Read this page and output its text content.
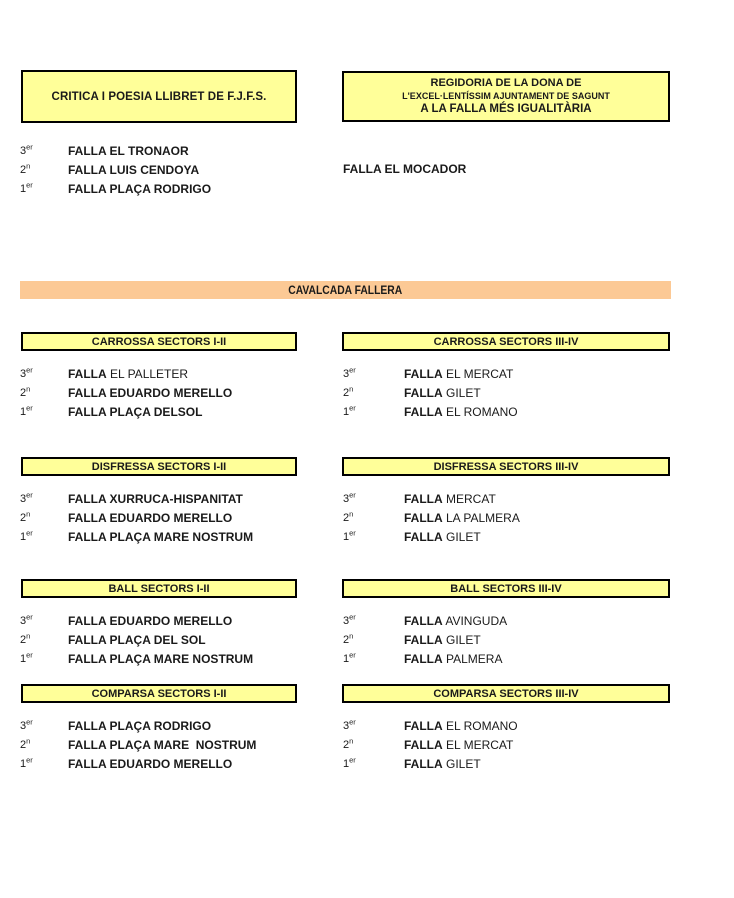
CRITICA I POESIA LLIBRET DE F.J.F.S.
REGIDORIA DE LA DONA DE
L'EXCEL·LENTÍSSIM AJUNTAMENT DE SAGUNT
A LA FALLA MÉS IGUALITÀRIA
3er	FALLA EL TRONAOR
2$^n$	FALLA LUIS CENDOYA
1er	FALLA PLAÇA RODRIGO
FALLA EL MOCADOR
CAVALCADA FALLERA
CARROSSA SECTORS I-II
3er	FALLA EL PALLETER
2$^n$	FALLA EDUARDO MERELLO
1er	FALLA PLAÇA DELSOL
CARROSSA SECTORS III-IV
3er	FALLA EL MERCAT
2$^n$	FALLA GILET
1er	FALLA EL ROMANO
DISFRESSA SECTORS I-II
3er	FALLA XURRUCA-HISPANITAT
2$^n$	FALLA EDUARDO MERELLO
1er	FALLA PLAÇA MARE NOSTRUM
DISFRESSA SECTORS III-IV
3er	FALLA MERCAT
2$^n$	FALLA LA PALMERA
1er	FALLA GILET
BALL SECTORS I-II
3er	FALLA EDUARDO MERELLO
2$^n$	FALLA PLAÇA DEL SOL
1er	FALLA PLAÇA MARE NOSTRUM
BALL SECTORS III-IV
3er	FALLA AVINGUDA
2$^n$	FALLA GILET
1er	FALLA PALMERA
COMPARSA SECTORS I-II
3er	FALLA PLAÇA RODRIGO
2$^n$	FALLA PLAÇA MARE  NOSTRUM
1er	FALLA EDUARDO MERELLO
COMPARSA SECTORS III-IV
3er	FALLA EL ROMANO
2$^n$	FALLA EL MERCAT
1er	FALLA GILET
